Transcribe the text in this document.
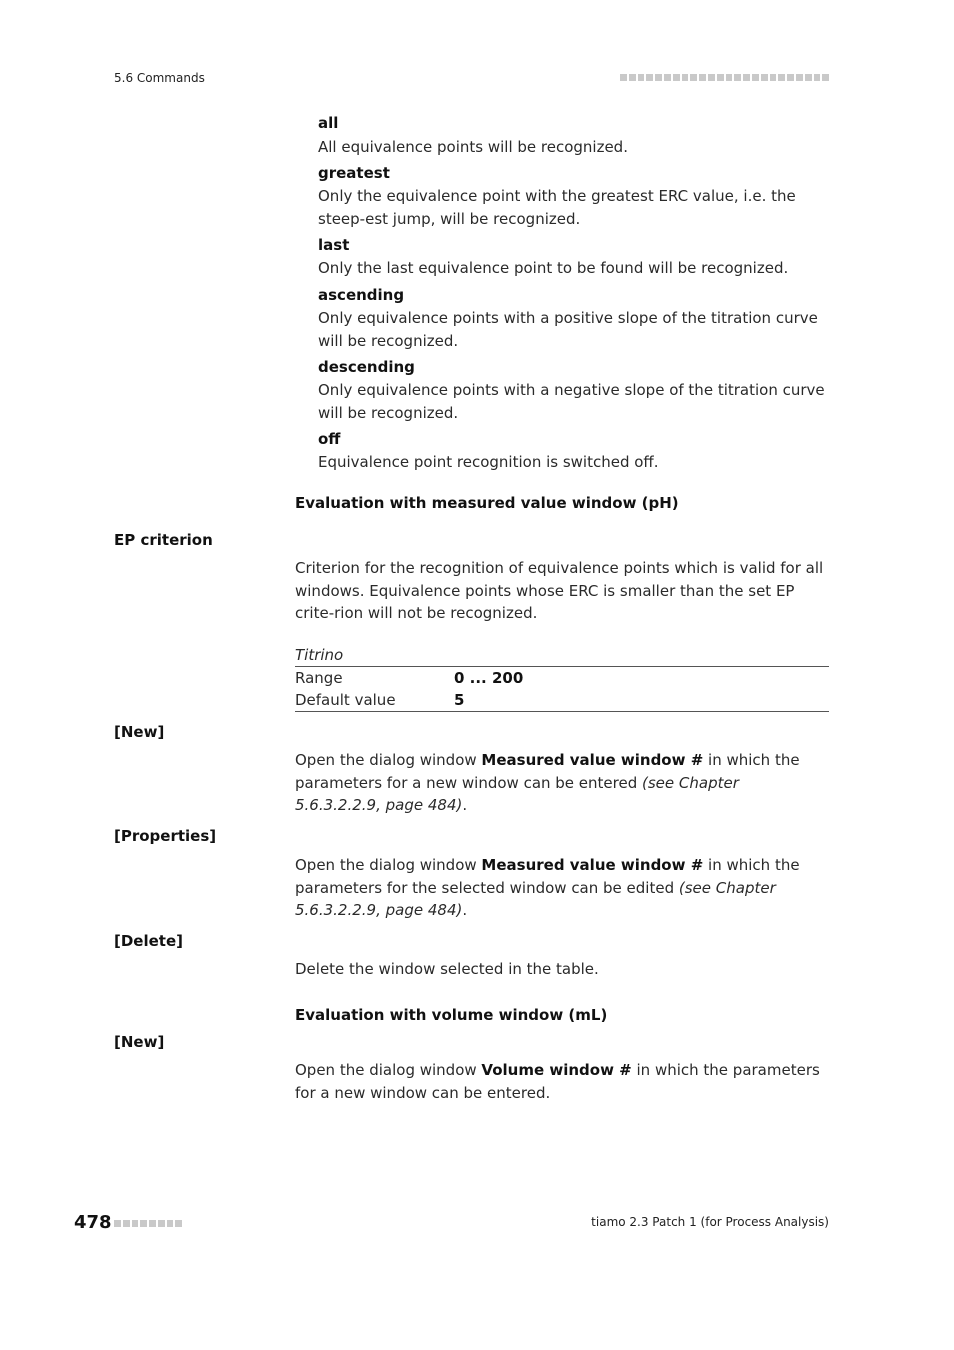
5.6 Commands
all
All equivalence points will be recognized.
greatest
Only the equivalence point with the greatest ERC value, i.e. the steep-est jump, will be recognized.
last
Only the last equivalence point to be found will be recognized.
ascending
Only equivalence points with a positive slope of the titration curve will be recognized.
descending
Only equivalence points with a negative slope of the titration curve will be recognized.
off
Equivalence point recognition is switched off.
Evaluation with measured value window (pH)
EP criterion
Criterion for the recognition of equivalence points which is valid for all windows. Equivalence points whose ERC is smaller than the set EP crite-rion will not be recognized.
Titrino
Range	0 ... 200
Default value	5
[New]
Open the dialog window Measured value window # in which the parameters for a new window can be entered (see Chapter 5.6.3.2.2.9, page 484).
[Properties]
Open the dialog window Measured value window # in which the parameters for the selected window can be edited (see Chapter 5.6.3.2.2.9, page 484).
[Delete]
Delete the window selected in the table.
Evaluation with volume window (mL)
[New]
Open the dialog window Volume window # in which the parameters for a new window can be entered.
478	tiamo 2.3 Patch 1 (for Process Analysis)
